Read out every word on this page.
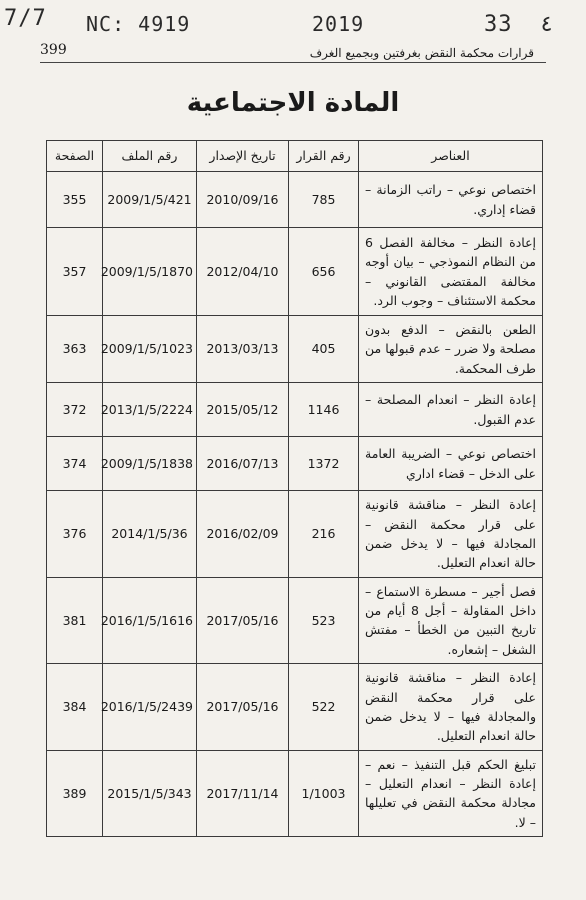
7/7 NC: 4919	2019	33 ٤
399	قرارات محكمة النقض بغرفتين وبجميع الغرف
المادة الاجتماعية
العناصر	رقم القرار	تاريخ الإصدار	رقم الملف	الصفحة
اختصاص نوعي – راتب الزمانة – قضاء إداري.	785	2010/09/16	2009/1/5/421	355
إعادة النظر – مخالفة الفصل 6 من النظام النموذجي – بيان أوجه مخالفة المقتضى القانوني – محكمة الاستئناف – وجوب الرد.	656	2012/04/10	2009/1/5/1870	357
الطعن بالنقض – الدفع بدون مصلحة ولا ضرر – عدم قبولها من طرف المحكمة.	405	2013/03/13	2009/1/5/1023	363
إعادة النظر – انعدام المصلحة – عدم القبول.	1146	2015/05/12	2013/1/5/2224	372
اختصاص نوعي – الضريبة العامة على الدخل – قضاء اداري	1372	2016/07/13	2009/1/5/1838	374
إعادة النظر – مناقشة قانونية على قرار محكمة النقض – المجادلة فيها – لا يدخل ضمن حالة انعدام التعليل.	216	2016/02/09	2014/1/5/36	376
فصل أجير – مسطرة الاستماع – داخل المقاولة – أجل 8 أيام من تاريخ التبين من الخطأ – مفتش الشغل – إشعاره.	523	2017/05/16	2016/1/5/1616	381
إعادة النظر – مناقشة قانونية على قرار محكمة النقض والمجادلة فيها – لا يدخل ضمن حالة انعدام التعليل.	522	2017/05/16	2016/1/5/2439	384
تبليغ الحكم قبل التنفيذ – نعم – إعادة النظر – انعدام التعليل – مجادلة محكمة النقض في تعليلها – لا.	1/1003	2017/11/14	2015/1/5/343	389
